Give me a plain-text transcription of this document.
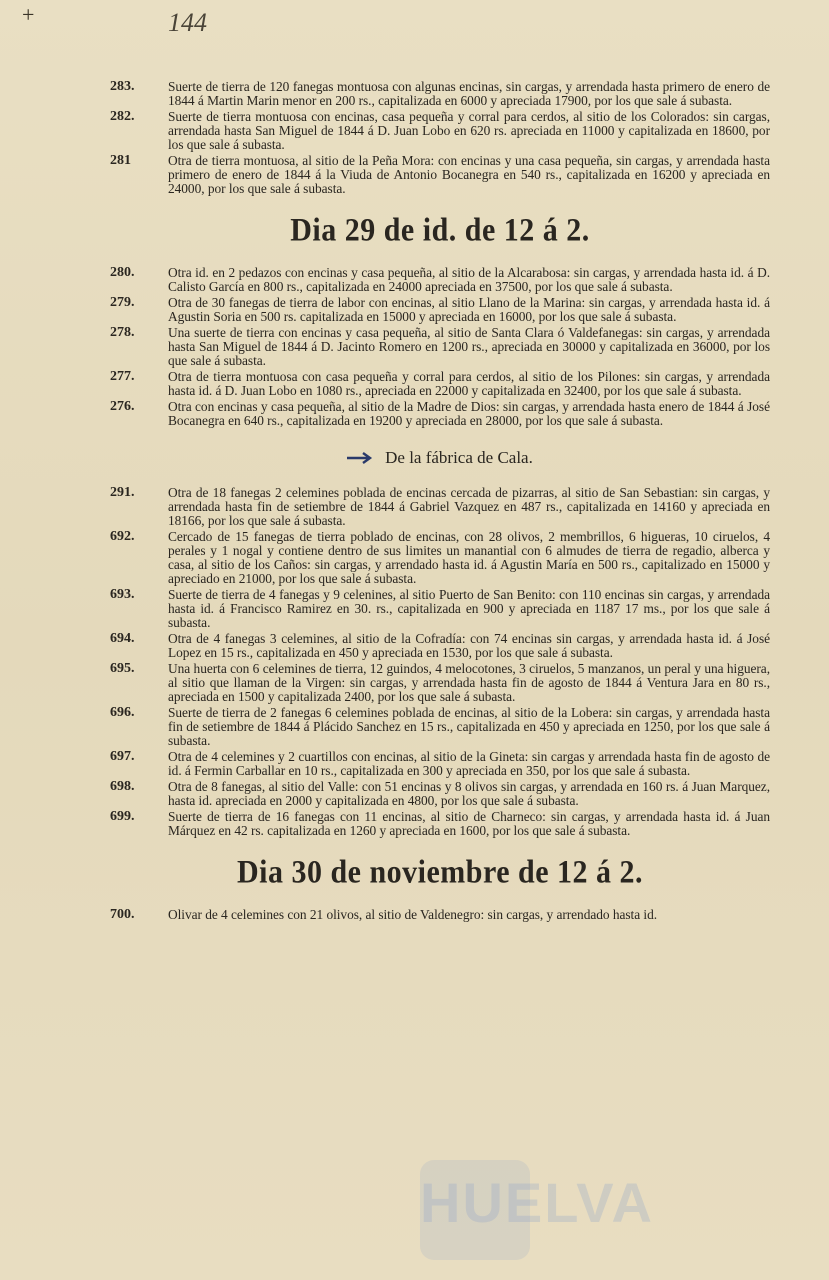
+	144
HUELVA
283.	Suerte de tierra de 120 fanegas montuosa con algunas encinas, sin cargas, y arrendada hasta primero de enero de 1844 á Martin Marin menor en 200 rs., capitalizada en 6000 y apreciada 17900, por los que sale á subasta.
282.	Suerte de tierra montuosa con encinas, casa pequeña y corral para cerdos, al sitio de los Colorados: sin cargas, arrendada hasta San Miguel de 1844 á D. Juan Lobo en 620 rs. apreciada en 11000 y capitalizada en 18600, por los que sale á subasta.
281	Otra de tierra montuosa, al sitio de la Peña Mora: con encinas y una casa pequeña, sin cargas, y arrendada hasta primero de enero de 1844 á la Viuda de Antonio Bocanegra en 540 rs., capitalizada en 16200 y apreciada en 24000, por los que sale á subasta.
Dia 29 de id. de 12 á 2.
280.	Otra id. en 2 pedazos con encinas y casa pequeña, al sitio de la Alcarabosa: sin cargas, y arrendada hasta id. á D. Calisto García en 800 rs., capitalizada en 24000 apreciada en 37500, por los que sale á subasta.
279.	Otra de 30 fanegas de tierra de labor con encinas, al sitio Llano de la Marina: sin cargas, y arrendada hasta id. á Agustin Soria en 500 rs. capitalizada en 15000 y apreciada en 16000, por los que sale á subasta.
278.	Una suerte de tierra con encinas y casa pequeña, al sitio de Santa Clara ó Valdefanegas: sin cargas, y arrendada hasta San Miguel de 1844 á D. Jacinto Romero en 1200 rs., apreciada en 30000 y capitalizada en 36000, por los que sale á subasta.
277.	Otra de tierra montuosa con casa pequeña y corral para cerdos, al sitio de los Pilones: sin cargas, y arrendada hasta id. á D. Juan Lobo en 1080 rs., apreciada en 22000 y capitalizada en 32400, por los que sale á subasta.
276.	Otra con encinas y casa pequeña, al sitio de la Madre de Dios: sin cargas, y arrendada hasta enero de 1844 á José Bocanegra en 640 rs., capitalizada en 19200 y apreciada en 28000, por los que sale á subasta.
De la fábrica de Cala.
291.	Otra de 18 fanegas 2 celemines poblada de encinas cercada de pizarras, al sitio de San Sebastian: sin cargas, y arrendada hasta fin de setiembre de 1844 á Gabriel Vazquez en 487 rs., capitalizada en 14160 y apreciada en 18166, por los que sale á subasta.
692.	Cercado de 15 fanegas de tierra poblado de encinas, con 28 olivos, 2 membrillos, 6 higueras, 10 ciruelos, 4 perales y 1 nogal y contiene dentro de sus limites un manantial con 6 almudes de tierra de regadio, alberca y casa, al sitio de los Caños: sin cargas, y arrendado hasta id. á Agustin María en 500 rs., capitalizado en 15000 y apreciado en 21000, por los que sale á subasta.
693.	Suerte de tierra de 4 fanegas y 9 celenines, al sitio Puerto de San Benito: con 110 encinas sin cargas, y arrendada hasta id. á Francisco Ramirez en 30. rs., capitalizada en 900 y apreciada en 1187 17 ms., por los que sale á subasta.
694.	Otra de 4 fanegas 3 celemines, al sitio de la Cofradía: con 74 encinas sin cargas, y arrendada hasta id. á José Lopez en 15 rs., capitalizada en 450 y apreciada en 1530, por los que sale á subasta.
695.	Una huerta con 6 celemines de tierra, 12 guindos, 4 melocotones, 3 ciruelos, 5 manzanos, un peral y una higuera, al sitio que llaman de la Virgen: sin cargas, y arrendada hasta fin de agosto de 1844 á Ventura Jara en 80 rs., apreciada en 1500 y capitalizada 2400, por los que sale á subasta.
696.	Suerte de tierra de 2 fanegas 6 celemines poblada de encinas, al sitio de la Lobera: sin cargas, y arrendada hasta fin de setiembre de 1844 á Plácido Sanchez en 15 rs., capitalizada en 450 y apreciada en 1250, por los que sale á subasta.
697.	Otra de 4 celemines y 2 cuartillos con encinas, al sitio de la Gineta: sin cargas y arrendada hasta fin de agosto de id. á Fermin Carballar en 10 rs., capitalizada en 300 y apreciada en 350, por los que sale á subasta.
698.	Otra de 8 fanegas, al sitio del Valle: con 51 encinas y 8 olivos sin cargas, y arrendada en 160 rs. á Juan Marquez, hasta id. apreciada en 2000 y capitalizada en 4800, por los que sale á subasta.
699.	Suerte de tierra de 16 fanegas con 11 encinas, al sitio de Charneco: sin cargas, y arrendada hasta id. á Juan Márquez en 42 rs. capitalizada en 1260 y apreciada en 1600, por los que sale á subasta.
Dia 30 de noviembre de 12 á 2.
700.	Olivar de 4 celemines con 21 olivos, al sitio de Valdenegro: sin cargas, y arrendado hasta id.
